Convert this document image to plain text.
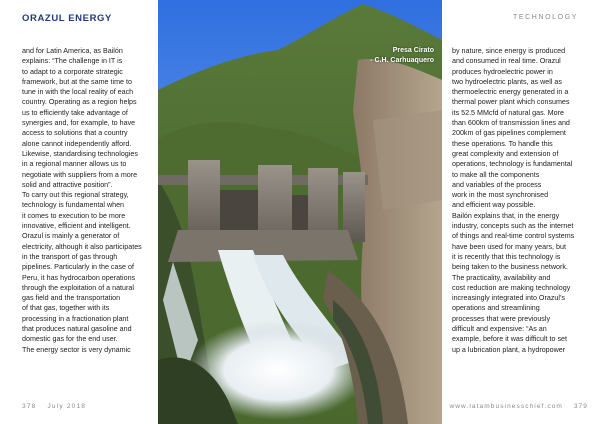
ORAZUL ENERGY	TECHNOLOGY

and for Latin America, as Bailón

explains: “The challenge in IT is

to adapt to a corporate strategic

framework, but at the same time to

tune in with the local reality of each

country. Operating as a region helps

us to efficiently take advantage of

synergies and, for example, to have

access to solutions that a country

alone cannot independently afford.

Likewise, standardising technologies

in a regional manner allows us to

negotiate with suppliers from a more

solid and attractive position”.

To carry out this regional strategy,

technology is fundamental when

it comes to execution to be more

innovative, efficient and intelligent.

Orazul is mainly a generator of

electricity, although it also participates

in the transport of gas through

pipelines. Particularly in the case of

Peru, it has hydrocarbon operations

through the exploitation of a natural

gas field and the transportation

of that gas, together with its

processing in a fractionation plant

that produces natural gasoline and

domestic gas for the end user.

The energy sector is very dynamic

Presa Cirato
- C.H. Carhuaquero

by nature, since energy is produced

and consumed in real time. Orazul

produces hydroelectric power in

two hydroelectric plants, as well as

thermoelectric energy generated in a

thermal power plant which consumes

its 52.5 MMcfd of natural gas. More

than 600km of transmission lines and

200km of gas pipelines complement

these operations. To handle this

great complexity and extension of

operations, technology is fundamental

to make all the components

and variables of the process

work in the most synchronised

and efficient way possible.

Bailón explains that, in the energy

industry, concepts such as the internet

of things and real-time control systems

have been used for many years, but

it is recently that this technology is

being taken to the business network.

The practicality, availability and

cost reduction are making technology

increasingly integrated into Orazul’s

operations and streamlining

processes that were previously

difficult and expensive: “As an

example, before it was difficult to set

up a lubrication plant, a hydropower

378 July 2018	www.latambusinesschief.com 379
